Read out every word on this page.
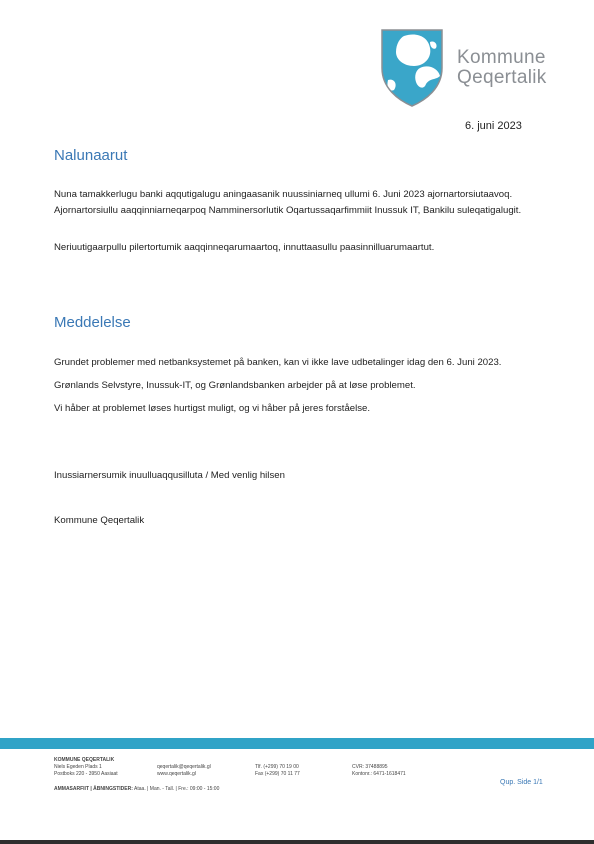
Kommune
Qeqertalik
6. juni 2023
Nalunaarut

Nuna tamakkerlugu banki aqqutigalugu aningaasanik nuussiniarneq ullumi 6. Juni 2023 ajornartorsiutaavoq. Ajornartorsiullu aaqqinniarneqarpoq Namminersorlutik Oqartussaqarfimmiit Inussuk IT, Bankilu suleqatigalugit.

Neriuutigaarpullu pilertortumik aaqqinneqarumaartoq, innuttaasullu paasinnilluarumaartut.

Meddelelse

Grundet problemer med netbanksystemet på banken, kan vi ikke lave udbetalinger idag den 6. Juni 2023.

Grønlands Selvstyre, Inussuk-IT, og Grønlandsbanken arbejder på at løse problemet.

Vi håber at problemet løses hurtigst muligt, og vi håber på jeres forståelse.

Inussiarnersumik inuulluaqqusilluta / Med venlig hilsen

Kommune Qeqertalik

KOMMUNE QEQERTALIK
Niels Egeden Plads 1
Postboks 220 - 3950 Aasiaat
qeqertalik@qeqertalik.gl
www.qeqertalik.gl
Tlf. (+299) 70 19 00
Fax (+299) 70 11 77
CVR: 37488895
Kontonr.: 6471-1618471
AMMASARFIIT | ÅBNINGSTIDER: Ataa. | Man. - Tall. | Fre.: 09:00 - 15:00
Qup. Side 1/1
